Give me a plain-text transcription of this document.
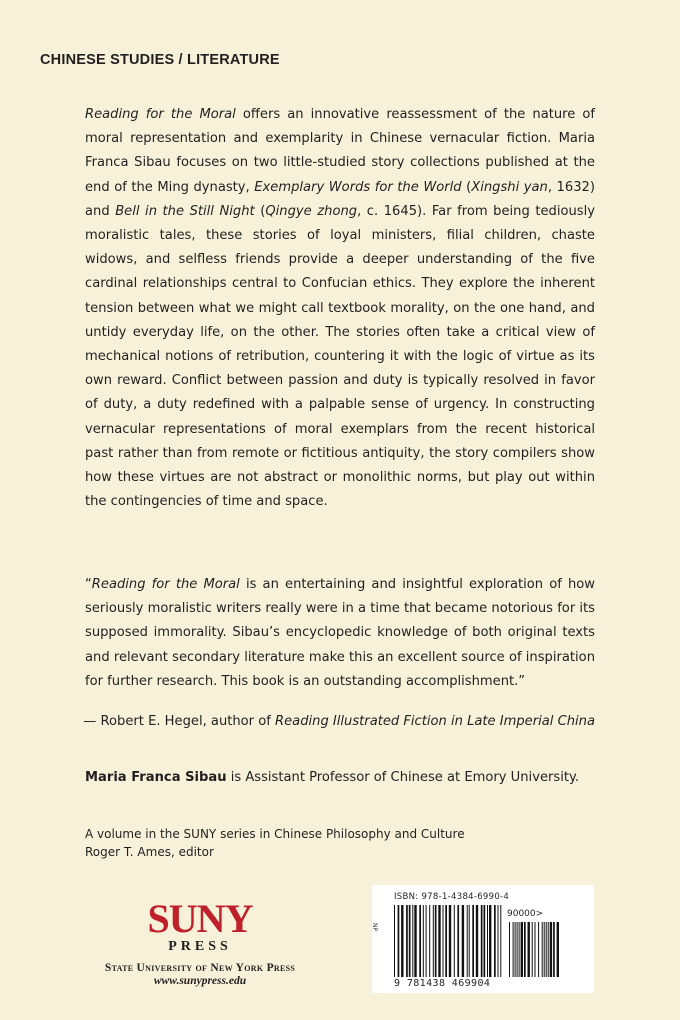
CHINESE STUDIES / LITERATURE
Reading for the Moral offers an innovative reassessment of the nature of moral representation and exemplarity in Chinese vernacular fiction. Maria Franca Sibau focuses on two little-studied story collections published at the end of the Ming dynasty, Exemplary Words for the World (Xingshi yan, 1632) and Bell in the Still Night (Qingye zhong, c. 1645). Far from being tediously moralistic tales, these stories of loyal ministers, filial children, chaste widows, and selfless friends provide a deeper understanding of the five cardinal relationships central to Confucian ethics. They explore the inherent tension between what we might call textbook morality, on the one hand, and untidy everyday life, on the other. The stories often take a critical view of mechanical notions of retribution, countering it with the logic of virtue as its own reward. Conflict between passion and duty is typically resolved in favor of duty, a duty redefined with a palpable sense of urgency. In constructing vernacular representations of moral exemplars from the recent historical past rather than from remote or fictitious antiquity, the story compilers show how these virtues are not abstract or monolithic norms, but play out within the contingencies of time and space.
“Reading for the Moral is an entertaining and insightful exploration of how seriously moralistic writers really were in a time that became notorious for its supposed immorality. Sibau’s encyclopedic knowledge of both original texts and relevant secondary literature make this an excellent source of inspiration for further research. This book is an outstanding accomplishment.”
— Robert E. Hegel, author of Reading Illustrated Fiction in Late Imperial China
Maria Franca Sibau is Assistant Professor of Chinese at Emory University.
A volume in the SUNY series in Chinese Philosophy and Culture
Roger T. Ames, editor
SUNY
PRESS
State University of New York Press
www.sunypress.edu
ISBN: 978-1-4384-6990-4
NP
90000>
9 781438 469904
